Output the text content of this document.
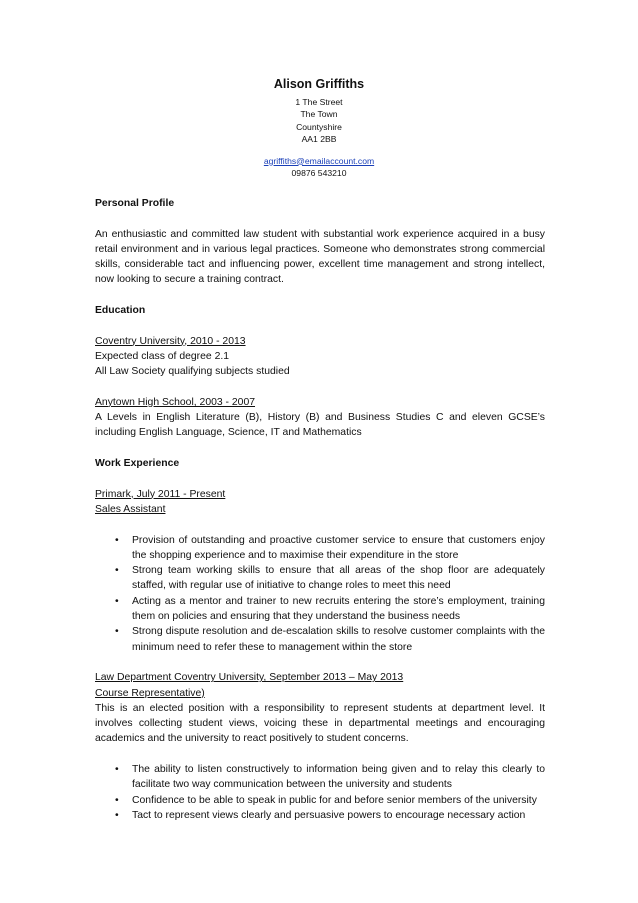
Alison Griffiths
1 The Street
The Town
Countyshire
AA1 2BB
agriffiths@emailaccount.com
09876 543210
Personal Profile
An enthusiastic and committed law student with substantial work experience acquired in a busy retail environment and in various legal practices. Someone who demonstrates strong commercial skills, considerable tact and influencing power, excellent time management and strong intellect, now looking to secure a training contract.
Education
Coventry University, 2010 - 2013
Expected class of degree 2.1
All Law Society qualifying subjects studied
Anytown High School, 2003 - 2007
A Levels in English Literature (B), History (B) and Business Studies C and eleven GCSE’s including English Language, Science, IT and Mathematics
Work Experience
Primark, July 2011 - Present
Sales Assistant
• Provision of outstanding and proactive customer service to ensure that customers enjoy the shopping experience and to maximise their expenditure in the store
• Strong team working skills to ensure that all areas of the shop floor are adequately staffed, with regular use of initiative to change roles to meet this need
• Acting as a mentor and trainer to new recruits entering the store’s employment, training them on policies and ensuring that they understand the business needs
• Strong dispute resolution and de-escalation skills to resolve customer complaints with the minimum need to refer these to management within the store
Law Department Coventry University, September 2013 – May 2013
Course Representative)
This is an elected position with a responsibility to represent students at department level. It involves collecting student views, voicing these in departmental meetings and encouraging academics and the university to react positively to student concerns.
• The ability to listen constructively to information being given and to relay this clearly to facilitate two way communication between the university and students
• Confidence to be able to speak in public for and before senior members of the university
• Tact to represent views clearly and persuasive powers to encourage necessary action
